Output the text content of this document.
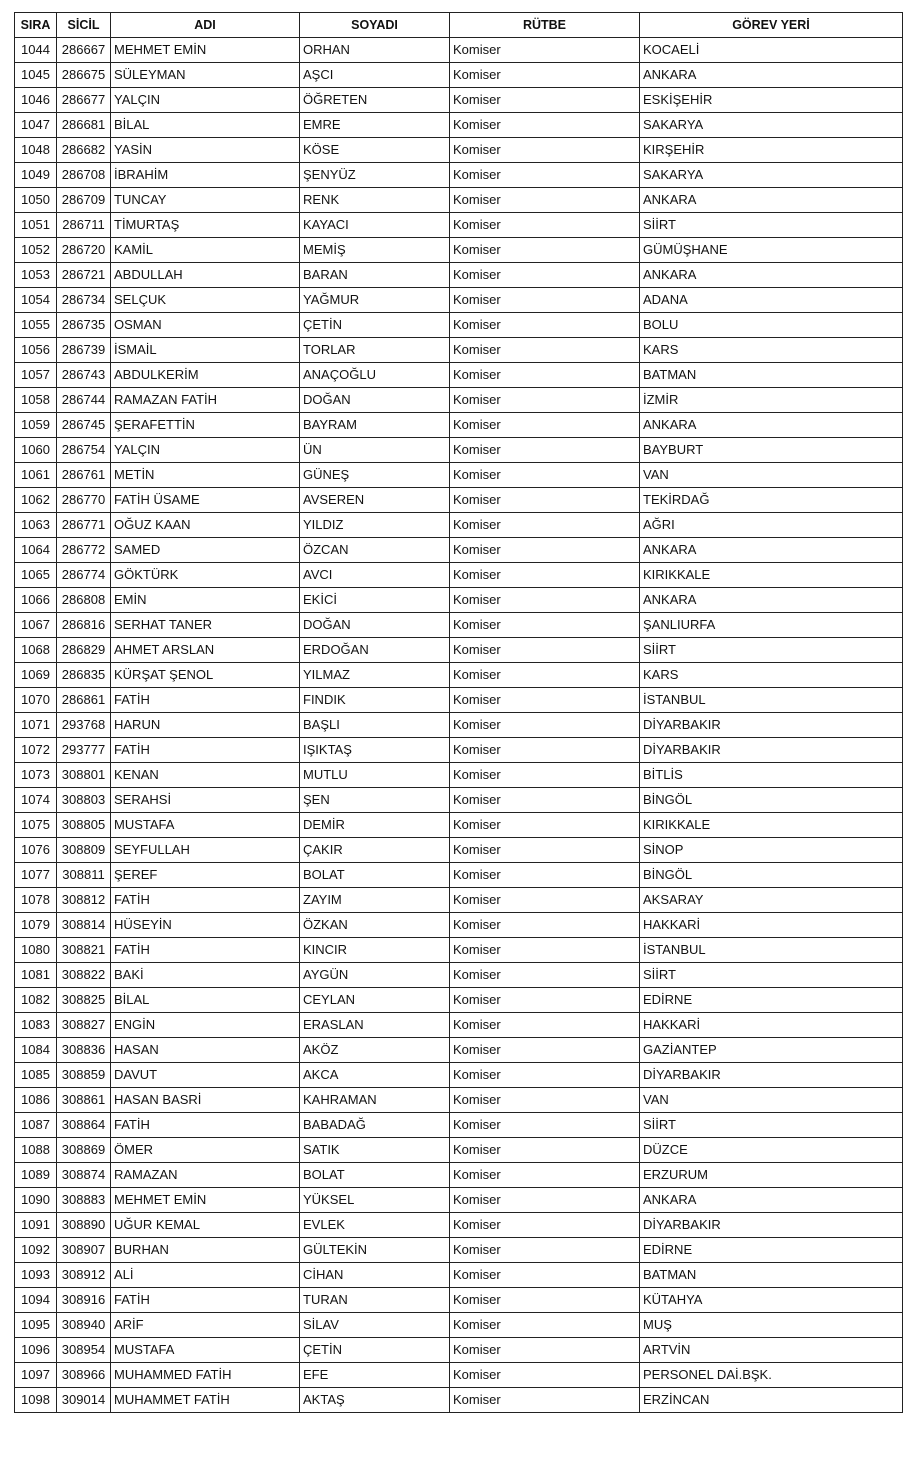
SIRA	SİCİL	ADI	SOYADI	RÜTBE	GÖREV YERİ
1044	286667	MEHMET EMİN	ORHAN	Komiser	KOCAELİ
1045	286675	SÜLEYMAN	AŞCI	Komiser	ANKARA
1046	286677	YALÇIN	ÖĞRETEN	Komiser	ESKİŞEHİR
1047	286681	BİLAL	EMRE	Komiser	SAKARYA
1048	286682	YASİN	KÖSE	Komiser	KIRŞEHİR
1049	286708	İBRAHİM	ŞENYÜZ	Komiser	SAKARYA
1050	286709	TUNCAY	RENK	Komiser	ANKARA
1051	286711	TİMURTAŞ	KAYACI	Komiser	SİİRT
1052	286720	KAMİL	MEMİŞ	Komiser	GÜMÜŞHANE
1053	286721	ABDULLAH	BARAN	Komiser	ANKARA
1054	286734	SELÇUK	YAĞMUR	Komiser	ADANA
1055	286735	OSMAN	ÇETİN	Komiser	BOLU
1056	286739	İSMAİL	TORLAR	Komiser	KARS
1057	286743	ABDULKERİM	ANAÇOĞLU	Komiser	BATMAN
1058	286744	RAMAZAN FATİH	DOĞAN	Komiser	İZMİR
1059	286745	ŞERAFETTİN	BAYRAM	Komiser	ANKARA
1060	286754	YALÇIN	ÜN	Komiser	BAYBURT
1061	286761	METİN	GÜNEŞ	Komiser	VAN
1062	286770	FATİH ÜSAME	AVSEREN	Komiser	TEKİRDAĞ
1063	286771	OĞUZ KAAN	YILDIZ	Komiser	AĞRI
1064	286772	SAMED	ÖZCAN	Komiser	ANKARA
1065	286774	GÖKTÜRK	AVCI	Komiser	KIRIKKALE
1066	286808	EMİN	EKİCİ	Komiser	ANKARA
1067	286816	SERHAT TANER	DOĞAN	Komiser	ŞANLIURFA
1068	286829	AHMET ARSLAN	ERDOĞAN	Komiser	SİİRT
1069	286835	KÜRŞAT ŞENOL	YILMAZ	Komiser	KARS
1070	286861	FATİH	FINDIK	Komiser	İSTANBUL
1071	293768	HARUN	BAŞLI	Komiser	DİYARBAKIR
1072	293777	FATİH	IŞIKTAŞ	Komiser	DİYARBAKIR
1073	308801	KENAN	MUTLU	Komiser	BİTLİS
1074	308803	SERAHSİ	ŞEN	Komiser	BİNGÖL
1075	308805	MUSTAFA	DEMİR	Komiser	KIRIKKALE
1076	308809	SEYFULLAH	ÇAKIR	Komiser	SİNOP
1077	308811	ŞEREF	BOLAT	Komiser	BİNGÖL
1078	308812	FATİH	ZAYIM	Komiser	AKSARAY
1079	308814	HÜSEYİN	ÖZKAN	Komiser	HAKKARİ
1080	308821	FATİH	KINCIR	Komiser	İSTANBUL
1081	308822	BAKİ	AYGÜN	Komiser	SİİRT
1082	308825	BİLAL	CEYLAN	Komiser	EDİRNE
1083	308827	ENGİN	ERASLAN	Komiser	HAKKARİ
1084	308836	HASAN	AKÖZ	Komiser	GAZİANTEP
1085	308859	DAVUT	AKCA	Komiser	DİYARBAKIR
1086	308861	HASAN BASRİ	KAHRAMAN	Komiser	VAN
1087	308864	FATİH	BABADAĞ	Komiser	SİİRT
1088	308869	ÖMER	SATIK	Komiser	DÜZCE
1089	308874	RAMAZAN	BOLAT	Komiser	ERZURUM
1090	308883	MEHMET EMİN	YÜKSEL	Komiser	ANKARA
1091	308890	UĞUR KEMAL	EVLEK	Komiser	DİYARBAKIR
1092	308907	BURHAN	GÜLTEKİN	Komiser	EDİRNE
1093	308912	ALİ	CİHAN	Komiser	BATMAN
1094	308916	FATİH	TURAN	Komiser	KÜTAHYA
1095	308940	ARİF	SİLAV	Komiser	MUŞ
1096	308954	MUSTAFA	ÇETİN	Komiser	ARTVİN
1097	308966	MUHAMMED FATİH	EFE	Komiser	PERSONEL DAİ.BŞK.
1098	309014	MUHAMMET FATİH	AKTAŞ	Komiser	ERZİNCAN
